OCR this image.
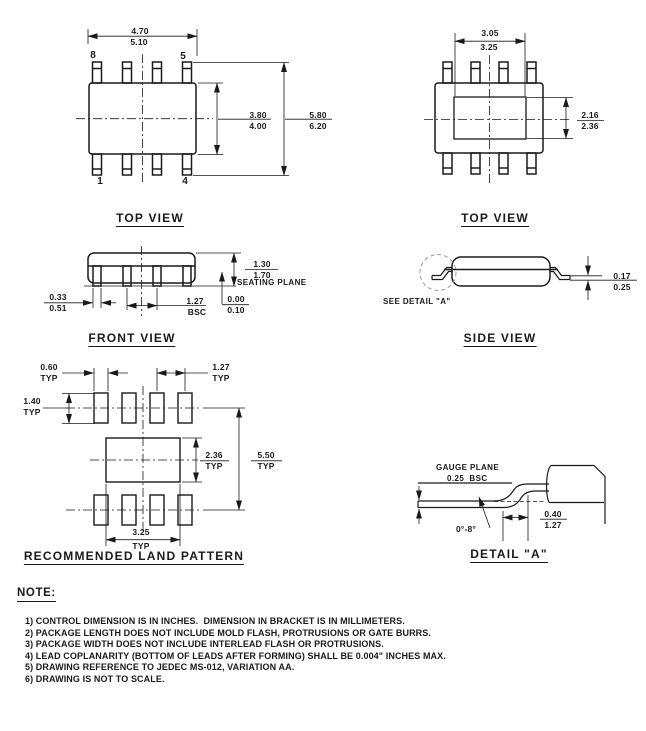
4.70
5.10
8	5
1	4
3.80
4.00
5.80
6.20
TOP VIEW
3.05
3.25
2.16
2.36
TOP VIEW
1.30
1.70
SEATING PLANE
0.00
0.10
0.33
0.51
1.27
BSC
FRONT VIEW
SEE DETAIL "A"
0.17
0.25
SIDE VIEW
0.60
TYP
1.27
TYP
1.40
TYP
2.36
TYP
5.50
TYP
3.25
TYP
RECOMMENDED LAND PATTERN
GAUGE PLANE
0.25  BSC
0°-8°
0.40
1.27
DETAIL "A"
NOTE:
1) CONTROL DIMENSION IS IN INCHES.  DIMENSION IN BRACKET IS IN MILLIMETERS.
2) PACKAGE LENGTH DOES NOT INCLUDE MOLD FLASH, PROTRUSIONS OR GATE BURRS.
3) PACKAGE WIDTH DOES NOT INCLUDE INTERLEAD FLASH OR PROTRUSIONS.
4) LEAD COPLANARITY (BOTTOM OF LEADS AFTER FORMING) SHALL BE 0.004" INCHES MAX.
5) DRAWING REFERENCE TO JEDEC MS-012, VARIATION AA.
6) DRAWING IS NOT TO SCALE.
